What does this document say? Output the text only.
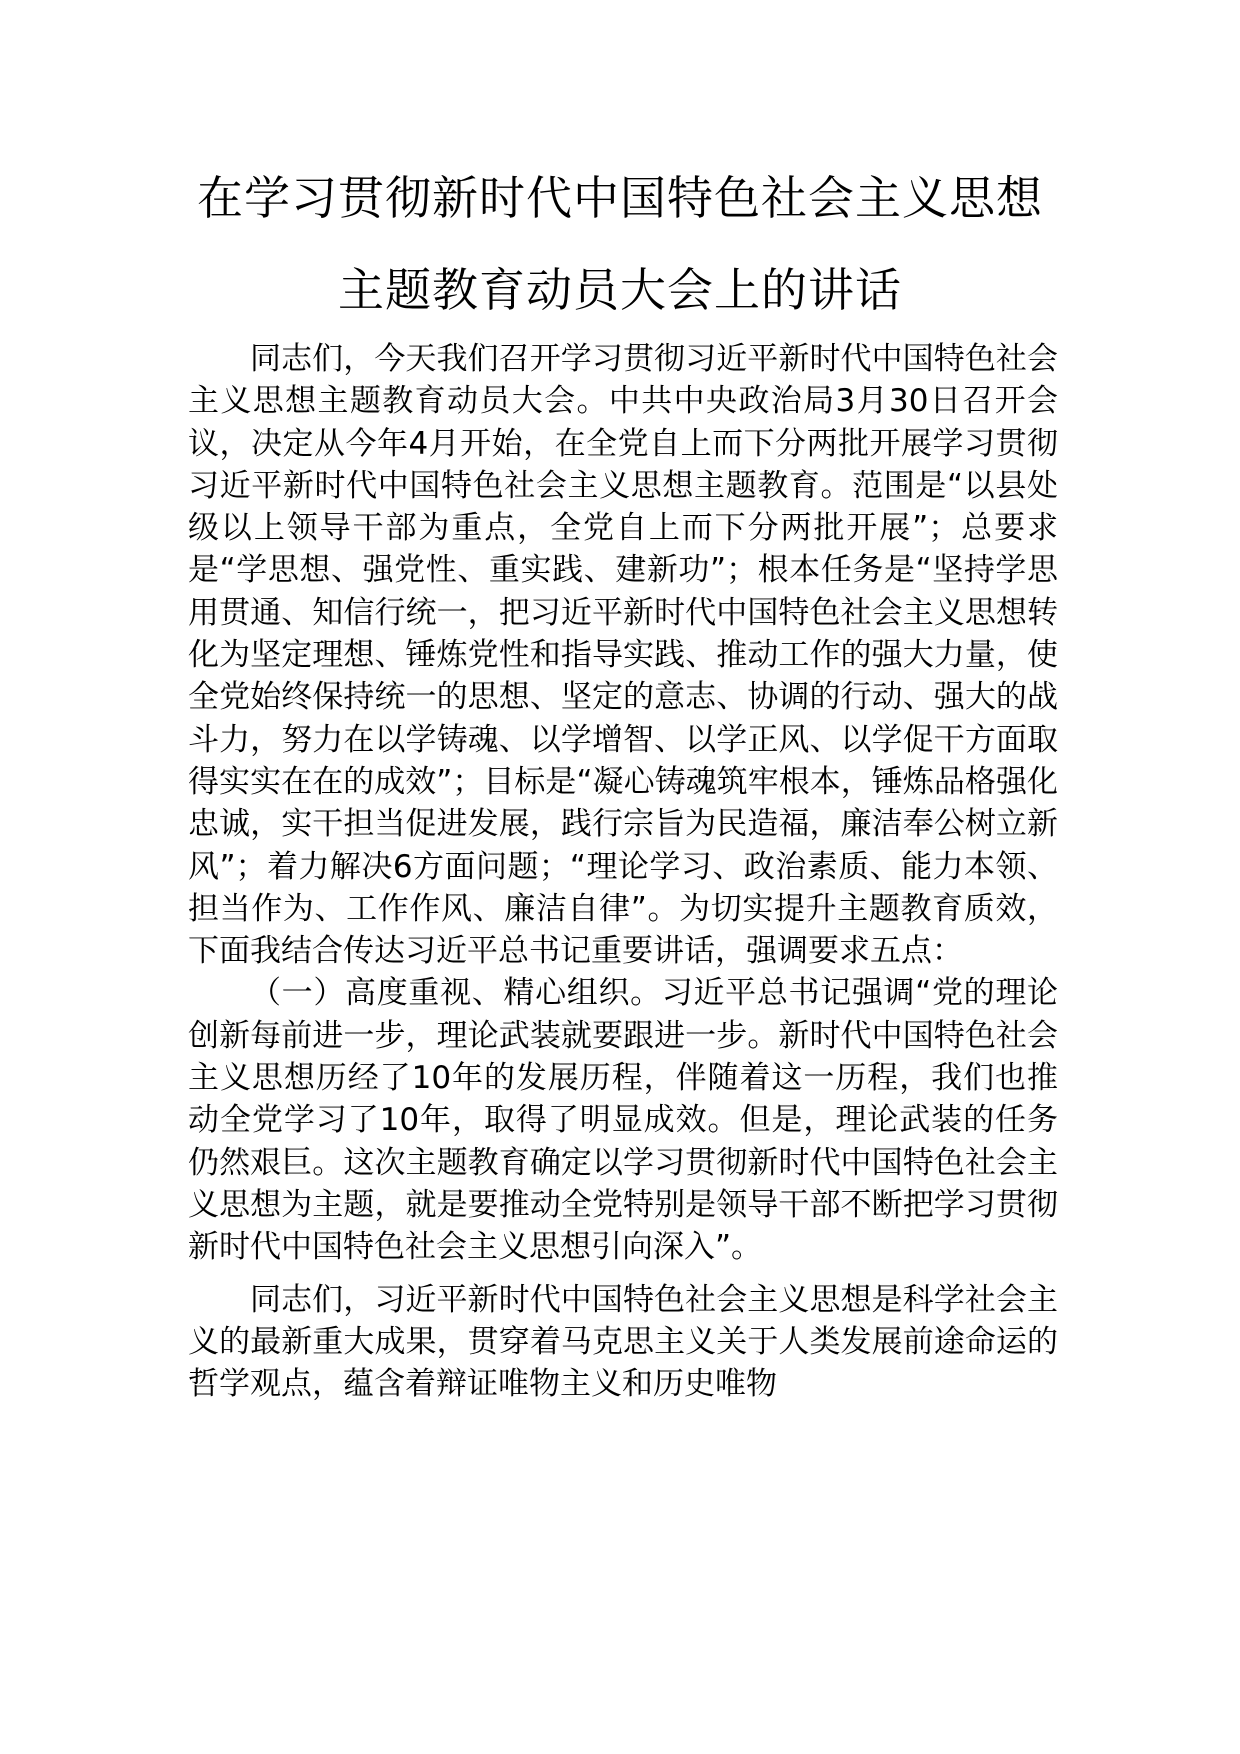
在学习贯彻新时代中国特色社会主义思想
主题教育动员大会上的讲话

同志们，今天我们召开学习贯彻习近平新时代中国特色社会主义思想主题教育动员大会。中共中央政治局3月30日召开会议，决定从今年4月开始，在全党自上而下分两批开展学习贯彻习近平新时代中国特色社会主义思想主题教育。范围是“以县处级以上领导干部为重点，全党自上而下分两批开展”；总要求是“学思想、强党性、重实践、建新功”；根本任务是“坚持学思用贯通、知信行统一，把习近平新时代中国特色社会主义思想转化为坚定理想、锤炼党性和指导实践、推动工作的强大力量，使全党始终保持统一的思想、坚定的意志、协调的行动、强大的战斗力，努力在以学铸魂、以学增智、以学正风、以学促干方面取得实实在在的成效”；目标是“凝心铸魂筑牢根本，锤炼品格强化忠诚，实干担当促进发展，践行宗旨为民造福，廉洁奉公树立新风”；着力解决6方面问题；“理论学习、政治素质、能力本领、担当作为、工作作风、廉洁自律”。为切实提升主题教育质效，下面我结合传达习近平总书记重要讲话，强调要求五点：

（一）高度重视、精心组织。习近平总书记强调“党的理论创新每前进一步，理论武装就要跟进一步。新时代中国特色社会主义思想历经了10年的发展历程，伴随着这一历程，我们也推动全党学习了10年，取得了明显成效。但是，理论武装的任务仍然艰巨。这次主题教育确定以学习贯彻新时代中国特色社会主义思想为主题，就是要推动全党特别是领导干部不断把学习贯彻新时代中国特色社会主义思想引向深入”。

同志们，习近平新时代中国特色社会主义思想是科学社会主义的最新重大成果，贯穿着马克思主义关于人类发展前途命运的哲学观点，蕴含着辩证唯物主义和历史唯物
